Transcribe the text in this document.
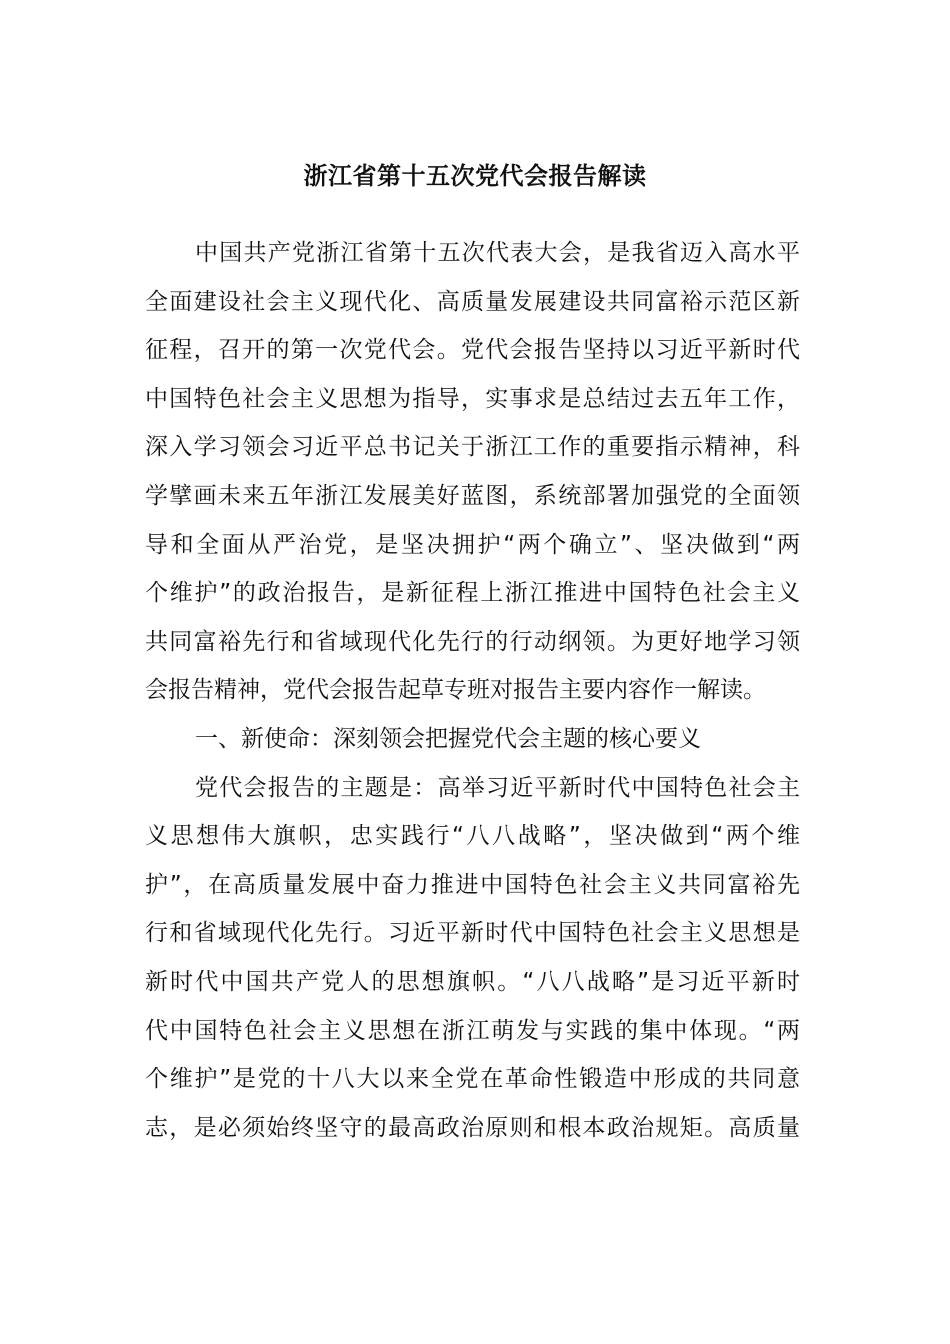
浙江省第十五次党代会报告解读
中国共产党浙江省第十五次代表大会，是我省迈入高水平
全面建设社会主义现代化、高质量发展建设共同富裕示范区新
征程，召开的第一次党代会。党代会报告坚持以习近平新时代
中国特色社会主义思想为指导，实事求是总结过去五年工作，
深入学习领会习近平总书记关于浙江工作的重要指示精神，科
学擘画未来五年浙江发展美好蓝图，系统部署加强党的全面领
导和全面从严治党，是坚决拥护“两个确立”、坚决做到“两
个维护”的政治报告，是新征程上浙江推进中国特色社会主义
共同富裕先行和省域现代化先行的行动纲领。为更好地学习领
会报告精神，党代会报告起草专班对报告主要内容作一解读。
一、新使命：深刻领会把握党代会主题的核心要义
党代会报告的主题是：高举习近平新时代中国特色社会主
义思想伟大旗帜，忠实践行“八八战略”，坚决做到“两个维
护”，在高质量发展中奋力推进中国特色社会主义共同富裕先
行和省域现代化先行。习近平新时代中国特色社会主义思想是
新时代中国共产党人的思想旗帜。“八八战略”是习近平新时
代中国特色社会主义思想在浙江萌发与实践的集中体现。“两
个维护”是党的十八大以来全党在革命性锻造中形成的共同意
志，是必须始终坚守的最高政治原则和根本政治规矩。高质量
